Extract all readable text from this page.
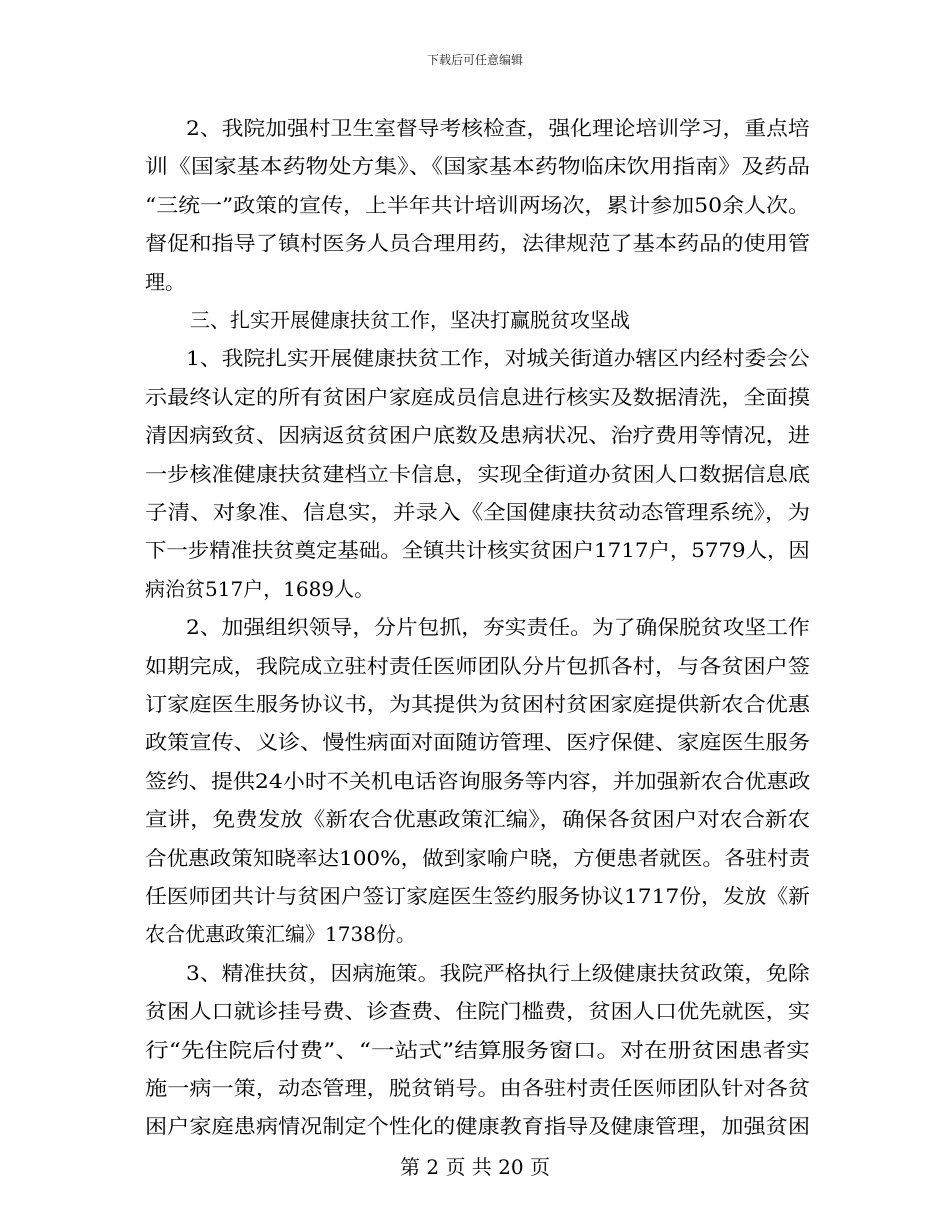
下载后可任意编辑
2、我院加强村卫生室督导考核检查，强化理论培训学习，重点培
训《国家基本药物处方集》、《国家基本药物临床饮用指南》及药品
“三统一”政策的宣传，上半年共计培训两场次，累计参加50余人次。
督促和指导了镇村医务人员合理用药，法律规范了基本药品的使用管
理。
三、扎实开展健康扶贫工作，坚决打赢脱贫攻坚战
1、我院扎实开展健康扶贫工作，对城关街道办辖区内经村委会公
示最终认定的所有贫困户家庭成员信息进行核实及数据清洗，全面摸
清因病致贫、因病返贫贫困户底数及患病状况、治疗费用等情况，进
一步核准健康扶贫建档立卡信息，实现全街道办贫困人口数据信息底
子清、对象准、信息实，并录入《全国健康扶贫动态管理系统》，为
下一步精准扶贫奠定基础。全镇共计核实贫困户1717户，5779人，因
病治贫517户，1689人。
2、加强组织领导，分片包抓，夯实责任。为了确保脱贫攻坚工作
如期完成，我院成立驻村责任医师团队分片包抓各村，与各贫困户签
订家庭医生服务协议书，为其提供为贫困村贫困家庭提供新农合优惠
政策宣传、义诊、慢性病面对面随访管理、医疗保健、家庭医生服务
签约、提供24小时不关机电话咨询服务等内容，并加强新农合优惠政
宣讲，免费发放《新农合优惠政策汇编》，确保各贫困户对农合新农
合优惠政策知晓率达100%，做到家喻户晓，方便患者就医。各驻村责
任医师团共计与贫困户签订家庭医生签约服务协议1717份，发放《新
农合优惠政策汇编》1738份。
3、精准扶贫，因病施策。我院严格执行上级健康扶贫政策，免除
贫困人口就诊挂号费、诊查费、住院门槛费，贫困人口优先就医，实
行“先住院后付费”、“一站式”结算服务窗口。对在册贫困患者实
施一病一策，动态管理，脱贫销号。由各驻村责任医师团队针对各贫
困户家庭患病情况制定个性化的健康教育指导及健康管理，加强贫困
第 2 页 共 20 页
